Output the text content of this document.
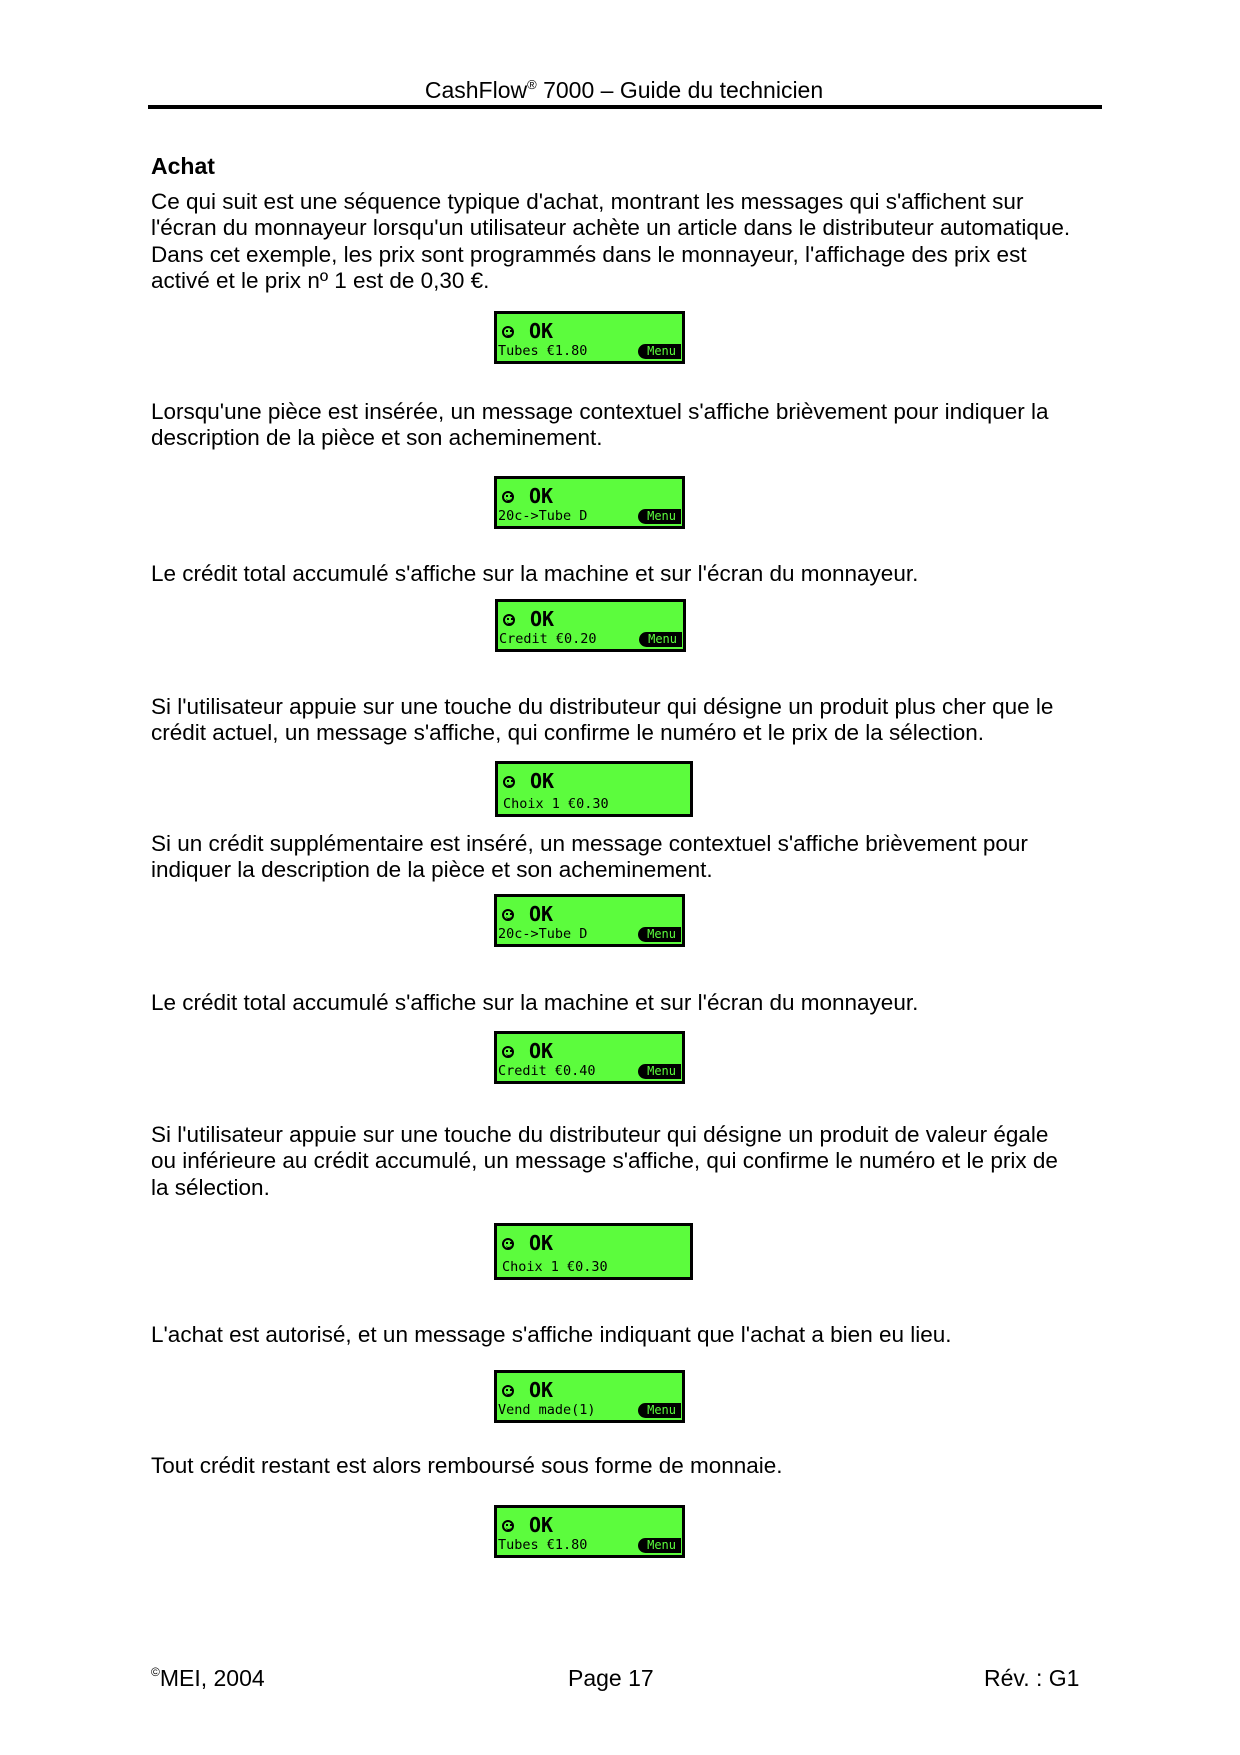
CashFlow® 7000 – Guide du technicien
Achat
Ce qui suit est une séquence typique d'achat, montrant les messages qui s'affichent sur
l'écran du monnayeur lorsqu'un utilisateur achète un article dans le distributeur automatique.
Dans cet exemple, les prix sont programmés dans le monnayeur, l'affichage des prix est
activé et le prix nº 1 est de 0,30 €.
OK
Tubes €1.80	Menu
Lorsqu'une pièce est insérée, un message contextuel s'affiche brièvement pour indiquer la
description de la pièce et son acheminement.
OK
20c->Tube D	Menu
Le crédit total accumulé s'affiche sur la machine et sur l'écran du monnayeur.
OK
Credit €0.20	Menu
Si l'utilisateur appuie sur une touche du distributeur qui désigne un produit plus cher que le
crédit actuel, un message s'affiche, qui confirme le numéro et le prix de la sélection.
OK
Choix 1 €0.30
Si un crédit supplémentaire est inséré, un message contextuel s'affiche brièvement pour
indiquer la description de la pièce et son acheminement.
OK
20c->Tube D	Menu
Le crédit total accumulé s'affiche sur la machine et sur l'écran du monnayeur.
OK
Credit €0.40	Menu
Si l'utilisateur appuie sur une touche du distributeur qui désigne un produit de valeur égale
ou inférieure au crédit accumulé, un message s'affiche, qui confirme le numéro et le prix de
la sélection.
OK
Choix 1 €0.30
L'achat est autorisé, et un message s'affiche indiquant que l'achat a bien eu lieu.
OK
Vend made(1)	Menu
Tout crédit restant est alors remboursé sous forme de monnaie.
OK
Tubes €1.80	Menu
©MEI, 2004	Page 17	Rév. : G1
